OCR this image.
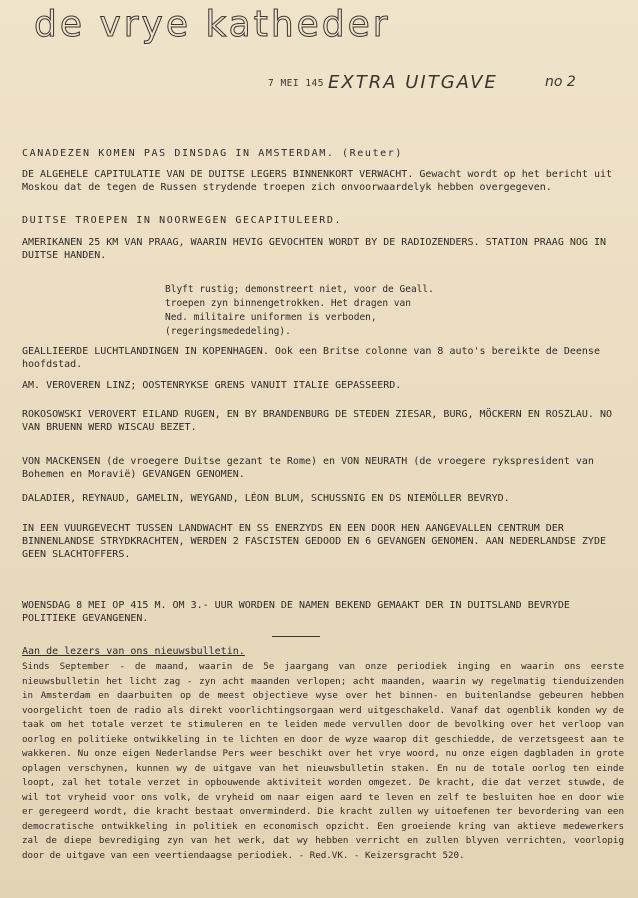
de vrye katheder
7 MEI 145 EXTRA UITGAVE	no 2

CANADEZEN KOMEN PAS DINSDAG IN AMSTERDAM. (Reuter)

DE ALGEHELE CAPITULATIE VAN DE DUITSE LEGERS BINNENKORT VERWACHT. Gewacht wordt op het bericht uit Moskou dat de tegen de Russen strydende troepen zich onvoorwaardelyk hebben overgegeven.

DUITSE TROEPEN IN NOORWEGEN GECAPITULEERD.

AMERIKANEN 25 KM VAN PRAAG, WAARIN HEVIG GEVOCHTEN WORDT BY DE RADIOZENDERS. STATION PRAAG NOG IN DUITSE HANDEN.

Blyft rustig; demonstreert niet, voor de Geall. troepen zyn binnengetrokken. Het dragen van Ned. militaire uniformen is verboden, (regeringsmededeling).

GEALLIEERDE LUCHTLANDINGEN IN KOPENHAGEN. Ook een Britse colonne van 8 auto's bereikte de Deense hoofdstad.

AM. VEROVEREN LINZ; OOSTENRYKSE GRENS VANUIT ITALIE GEPASSEERD.

ROKOSOWSKI VEROVERT EILAND RUGEN, EN BY BRANDENBURG DE STEDEN ZIESAR, BURG, MÖCKERN EN ROSZLAU. NO VAN BRUENN WERD WISCAU BEZET.

VON MACKENSEN (de vroegere Duitse gezant te Rome) en VON NEURATH (de vroegere rykspresident van Bohemen en Moravië) GEVANGEN GENOMEN.

DALADIER, REYNAUD, GAMELIN, WEYGAND, LÉON BLUM, SCHUSSNIG EN DS NIEMÖLLER BEVRYD.

IN EEN VUURGEVECHT TUSSEN LANDWACHT EN SS ENERZYDS EN EEN DOOR HEN AANGEVALLEN CENTRUM DER BINNENLANDSE STRYDKRACHTEN, WERDEN 2 FASCISTEN GEDOOD EN 6 GEVANGEN GENOMEN. AAN NEDERLANDSE ZYDE GEEN SLACHTOFFERS.

WOENSDAG 8 MEI OP 415 M. OM 3.- UUR WORDEN DE NAMEN BEKEND GEMAAKT DER IN DUITSLAND BEVRYDE POLITIEKE GEVANGENEN.

Aan de lezers van ons nieuwsbulletin.

Sinds September - de maand, waarin de 5e jaargang van onze periodiek inging en waarin ons eerste nieuwsbulletin het licht zag - zyn acht maanden verlopen; acht maanden, waarin wy regelmatig tienduizenden in Amsterdam en daarbuiten op de meest objectieve wyse over het binnen- en buitenlandse gebeuren hebben voorgelicht toen de radio als direkt voorlichtingsorgaan werd uitgeschakeld. Vanaf dat ogenblik konden wy de taak om het totale verzet te stimuleren en te leiden mede vervullen door de bevolking over het verloop van oorlog en politieke ontwikkeling in te lichten en door de wyze waarop dit geschiedde, de verzetsgeest aan te wakkeren. Nu onze eigen Nederlandse Pers weer beschikt over het vrye woord, nu onze eigen dagbladen in grote oplagen verschynen, kunnen wy de uitgave van het nieuwsbulletin staken. En nu de totale oorlog ten einde loopt, zal het totale verzet in opbouwende aktiviteit worden omgezet. De kracht, die dat verzet stuwde, de wil tot vryheid voor ons volk, de vryheid om naar eigen aard te leven en zelf te besluiten hoe en door wie er geregeerd wordt, die kracht bestaat onverminderd. Die kracht zullen wy uitoefenen ter bevordering van een democratische ontwikkeling in politiek en economisch opzicht. Een groeiende kring van aktieve medewerkers zal de diepe bevrediging zyn van het werk, dat wy hebben verricht en zullen blyven verrichten, voorlopig door de uitgave van een veertiendaagse periodiek. - Red.VK. - Keizersgracht 520.
